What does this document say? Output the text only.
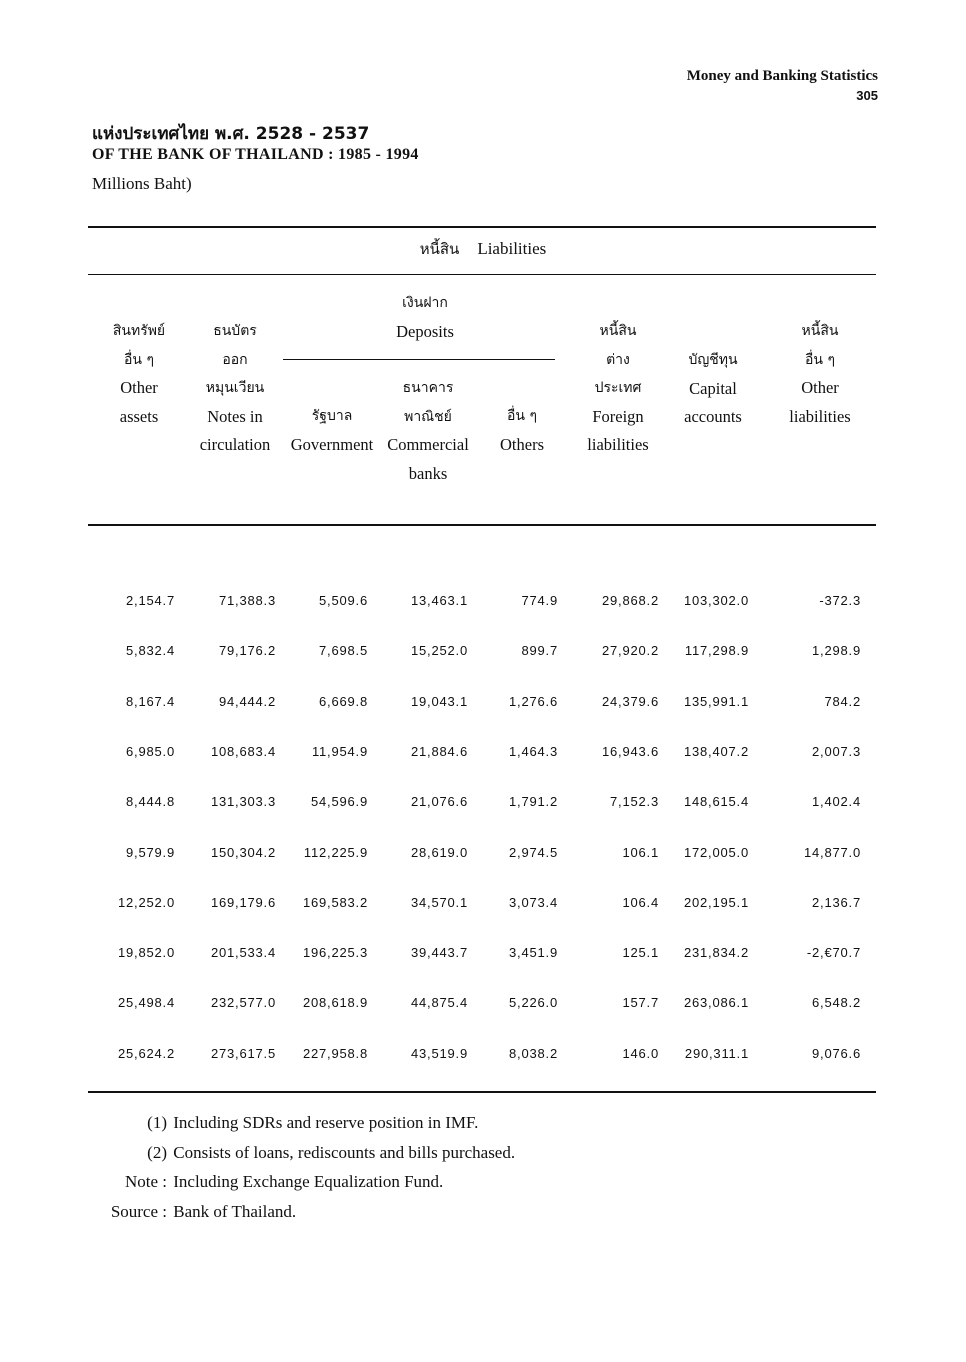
Money and Banking Statistics
305
แห่งประเทศไทย พ.ศ. 2528 - 2537
OF THE BANK OF THAILAND : 1985 - 1994
Millions Baht)
หนี้สิน Liabilities
เงินฝาก
Deposits
สินทรัพย์
อื่น ๆ
Other
assets
ธนบัตร
ออก
หมุนเวียน
Notes in
circulation
รัฐบาล
Government
ธนาคาร
พาณิชย์
Commercial
banks
อื่น ๆ
Others
หนี้สิน
ต่าง
ประเทศ
Foreign
liabilities
บัญชีทุน
Capital
accounts
หนี้สิน
อื่น ๆ
Other
liabilities
2,154.7	71,388.3	5,509.6	13,463.1	774.9	29,868.2 103,302.0	-372.3
5,832.4	79,176.2	7,698.5	15,252.0	899.7	27,920.2 117,298.9	1,298.9
8,167.4	94,444.2	6,669.8	19,043.1	1,276.6	24,379.6 135,991.1	784.2
6,985.0	108,683.4	11,954.9	21,884.6	1,464.3	16,943.6 138,407.2	2,007.3
8,444.8	131,303.3	54,596.9	21,076.6	1,791.2	7,152.3 148,615.4	1,402.4
9,579.9	150,304.2 112,225.9	28,619.0	2,974.5	106.1 172,005.0	14,877.0
12,252.0	169,179.6 169,583.2	34,570.1	3,073.4	106.4 202,195.1	2,136.7
19,852.0	201,533.4 196,225.3	39,443.7	3,451.9	125.1 231,834.2	-2,€70.7
25,498.4	232,577.0 208,618.9	44,875.4	5,226.0	157.7 263,086.1	6,548.2
25,624.2	273,617.5 227,958.8	43,519.9	8,038.2	146.0 290,311.1	9,076.6
(1) Including SDRs and reserve position in IMF.
(2) Consists of loans, rediscounts and bills purchased.
Note : Including Exchange Equalization Fund.
Source : Bank of Thailand.
